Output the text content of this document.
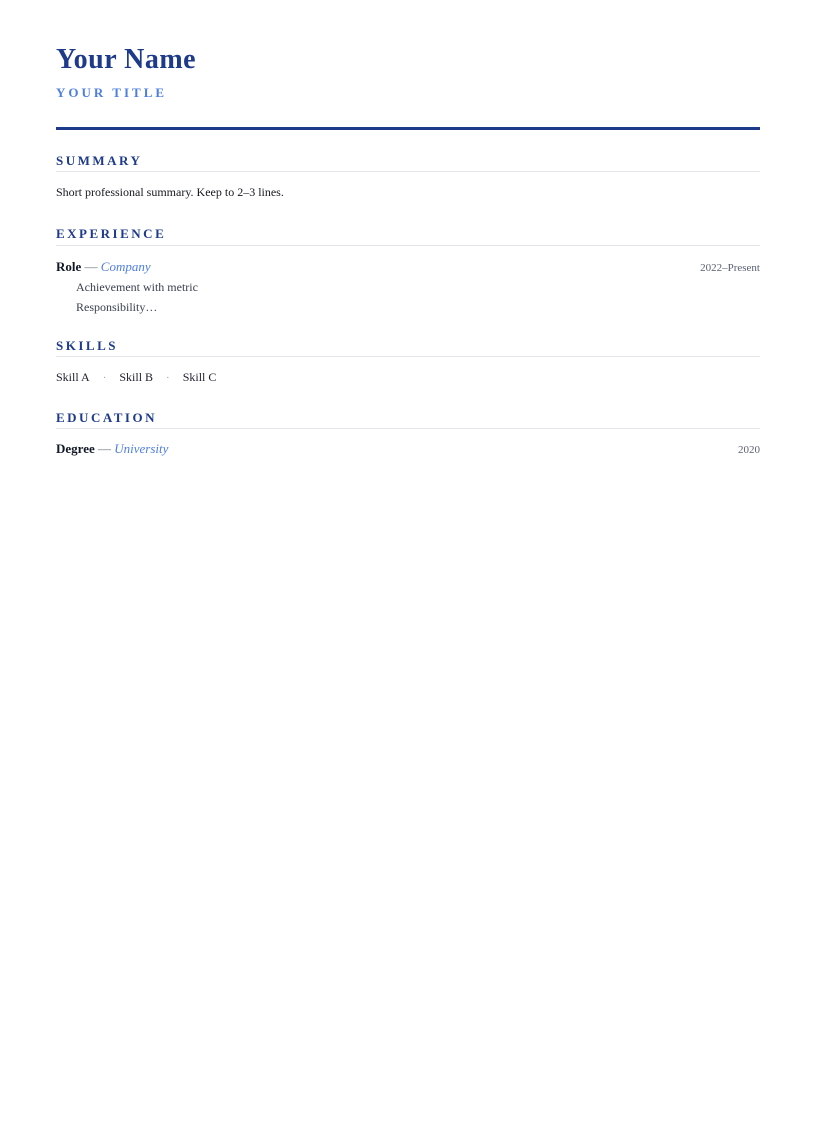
Your Name
YOUR TITLE
SUMMARY

Short professional summary. Keep to 2–3 lines.

EXPERIENCE
Role — Company	2022–Present
Achievement with metric
Responsibility…
SKILLS
Skill A · Skill B · Skill C
EDUCATION
Degree — University	2020
